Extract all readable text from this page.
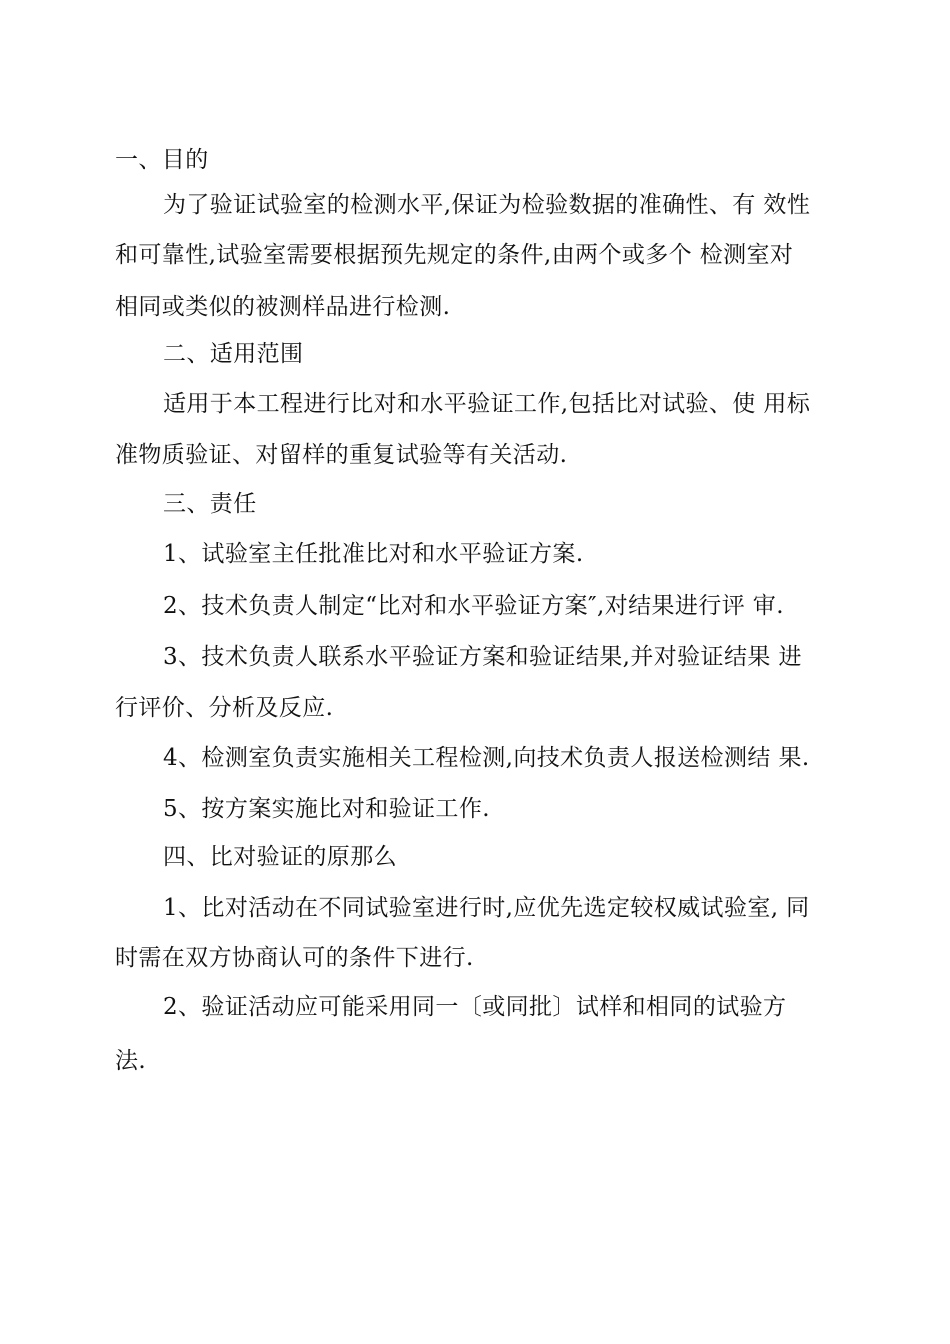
一、目的
为了验证试验室的检测水平,保证为检验数据的准确性、有 效性
和可靠性,试验室需要根据预先规定的条件,由两个或多个 检测室对
相同或类似的被测样品进行检测.
二、适用范围
适用于本工程进行比对和水平验证工作,包括比对试验、使 用标
准物质验证、对留样的重复试验等有关活动.
三、责任
1、试验室主任批准比对和水平验证方案.
2、技术负责人制定“比对和水平验证方案″,对结果进行评 审.
3、技术负责人联系水平验证方案和验证结果,并对验证结果 进
行评价、分析及反应.
4、检测室负责实施相关工程检测,向技术负责人报送检测结 果.
5、按方案实施比对和验证工作.
四、比对验证的原那么
1、比对活动在不同试验室进行时,应优先选定较权威试验室, 同
时需在双方协商认可的条件下进行.
2、验证活动应可能采用同一〔或同批〕试样和相同的试验方
法.
